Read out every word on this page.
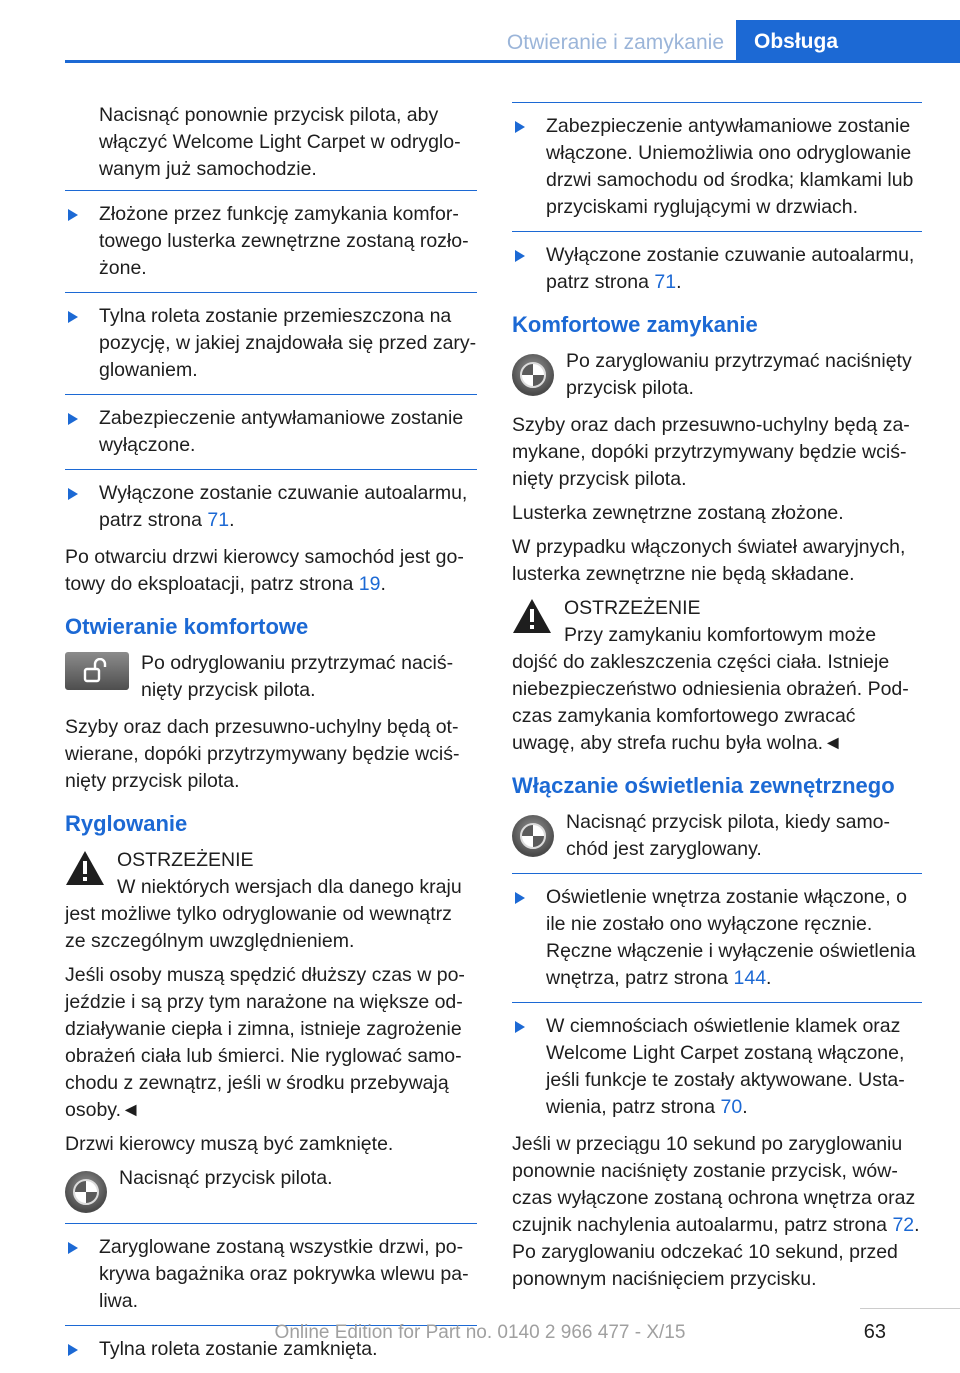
Otwieranie i zamykanie	Obsługa

Nacisnąć ponownie przycisk pilota, aby włączyć Welcome Light Carpet w odryglowanym już samochodzie.

Złożone przez funkcję zamykania komfortowego lusterka zewnętrzne zostaną rozłożone.
Tylna roleta zostanie przemieszczona na pozycję, w jakiej znajdowała się przed zaryglowaniem.
Zabezpieczenie antywłamaniowe zostanie wyłączone.
Wyłączone zostanie czuwanie autoalarmu, patrz strona 71.

Po otwarciu drzwi kierowcy samochód jest gotowy do eksploatacji, patrz strona 19.

Otwieranie komfortowe
Po odryglowaniu przytrzymać naciśnięty przycisk pilota.

Szyby oraz dach przesuwno-uchylny będą otwierane, dopóki przytrzymywany będzie wciśnięty przycisk pilota.

Ryglowanie
OSTRZEŻENIE
W niektórych wersjach dla danego kraju

jest możliwe tylko odryglowanie od wewnątrz ze szczególnym uwzględnieniem.

Jeśli osoby muszą spędzić dłuższy czas w pojeździe i są przy tym narażone na większe oddziaływanie ciepła i zimna, istnieje zagrożenie obrażeń ciała lub śmierci. Nie ryglować samochodu z zewnątrz, jeśli w środku przebywają osoby.◄

Drzwi kierowcy muszą być zamknięte.

Nacisnąć przycisk pilota.
Zaryglowane zostaną wszystkie drzwi, pokrywa bagażnika oraz pokrywka wlewu paliwa.
Tylna roleta zostanie zamknięta.
Zabezpieczenie antywłamaniowe zostanie włączone. Uniemożliwia ono odryglowanie drzwi samochodu od środka; klamkami lub przyciskami ryglującymi w drzwiach.
Wyłączone zostanie czuwanie autoalarmu, patrz strona 71.
Komfortowe zamykanie
Po zaryglowaniu przytrzymać naciśnięty przycisk pilota.

Szyby oraz dach przesuwno-uchylny będą zamykane, dopóki przytrzymywany będzie wciśnięty przycisk pilota.

Lusterka zewnętrzne zostaną złożone.

W przypadku włączonych świateł awaryjnych, lusterka zewnętrzne nie będą składane.

OSTRZEŻENIE
Przy zamykaniu komfortowym może

dojść do zakleszczenia części ciała. Istnieje niebezpieczeństwo odniesienia obrażeń. Podczas zamykania komfortowego zwracać uwagę, aby strefa ruchu była wolna.◄

Włączanie oświetlenia zewnętrznego
Nacisnąć przycisk pilota, kiedy samochód jest zaryglowany.
Oświetlenie wnętrza zostanie włączone, o ile nie zostało ono wyłączone ręcznie. Ręczne włączenie i wyłączenie oświetlenia wnętrza, patrz strona 144.
W ciemnościach oświetlenie klamek oraz Welcome Light Carpet zostaną włączone, jeśli funkcje te zostały aktywowane. Ustawienia, patrz strona 70.

Jeśli w przeciągu 10 sekund po zaryglowaniu ponownie naciśnięty zostanie przycisk, wówczas wyłączone zostaną ochrona wnętrza oraz czujnik nachylenia autoalarmu, patrz strona 72. Po zaryglowaniu odczekać 10 sekund, przed ponownym naciśnięciem przycisku.

63
Online Edition for Part no. 0140 2 966 477 - X/15
